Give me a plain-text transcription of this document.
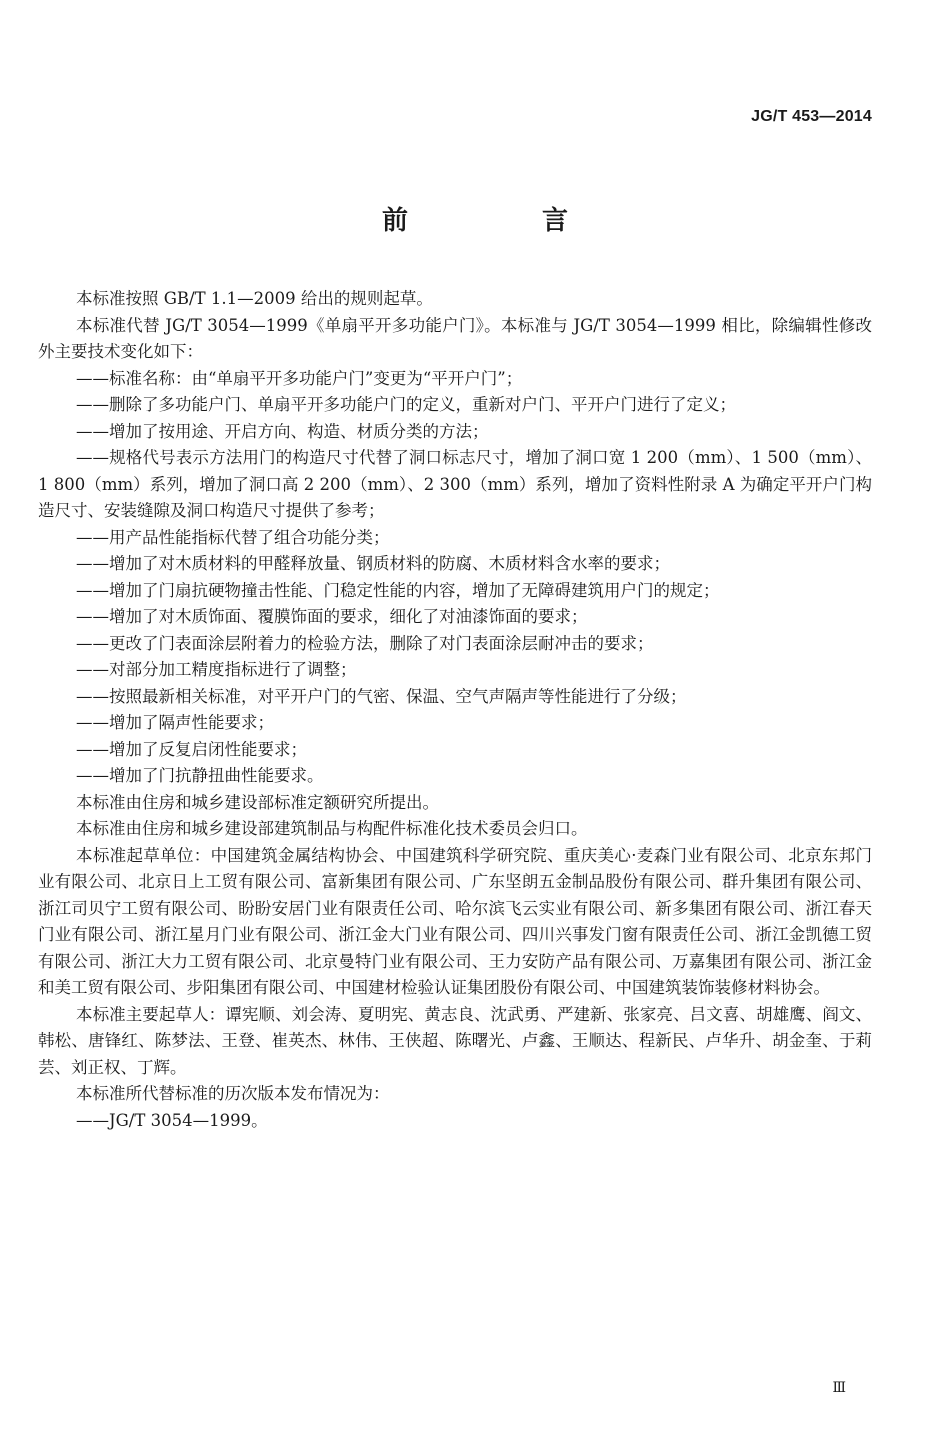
JG/T 453—2014
前　言

本标准按照 GB/T 1.1—2009 给出的规则起草。

本标准代替 JG/T 3054—1999《单扇平开多功能户门》。本标准与 JG/T 3054—1999 相比，除编辑性修改外主要技术变化如下：

——标准名称：由“单扇平开多功能户门”变更为“平开户门”；

——删除了多功能户门、单扇平开多功能户门的定义，重新对户门、平开户门进行了定义；

——增加了按用途、开启方向、构造、材质分类的方法；

——规格代号表示方法用门的构造尺寸代替了洞口标志尺寸，增加了洞口宽 1 200（mm）、1 500（mm）、1 800（mm）系列，增加了洞口高 2 200（mm）、2 300（mm）系列，增加了资料性附录 A 为确定平开户门构造尺寸、安装缝隙及洞口构造尺寸提供了参考；

——用产品性能指标代替了组合功能分类；

——增加了对木质材料的甲醛释放量、钢质材料的防腐、木质材料含水率的要求；

——增加了门扇抗硬物撞击性能、门稳定性能的内容，增加了无障碍建筑用户门的规定；

——增加了对木质饰面、覆膜饰面的要求，细化了对油漆饰面的要求；

——更改了门表面涂层附着力的检验方法，删除了对门表面涂层耐冲击的要求；

——对部分加工精度指标进行了调整；

——按照最新相关标准，对平开户门的气密、保温、空气声隔声等性能进行了分级；

——增加了隔声性能要求；

——增加了反复启闭性能要求；

——增加了门抗静扭曲性能要求。

本标准由住房和城乡建设部标准定额研究所提出。

本标准由住房和城乡建设部建筑制品与构配件标准化技术委员会归口。

本标准起草单位：中国建筑金属结构协会、中国建筑科学研究院、重庆美心·麦森门业有限公司、北京东邦门业有限公司、北京日上工贸有限公司、富新集团有限公司、广东坚朗五金制品股份有限公司、群升集团有限公司、浙江司贝宁工贸有限公司、盼盼安居门业有限责任公司、哈尔滨飞云实业有限公司、新多集团有限公司、浙江春天门业有限公司、浙江星月门业有限公司、浙江金大门业有限公司、四川兴事发门窗有限责任公司、浙江金凯德工贸有限公司、浙江大力工贸有限公司、北京曼特门业有限公司、王力安防产品有限公司、万嘉集团有限公司、浙江金和美工贸有限公司、步阳集团有限公司、中国建材检验认证集团股份有限公司、中国建筑装饰装修材料协会。

本标准主要起草人：谭宪顺、刘会涛、夏明宪、黄志良、沈武勇、严建新、张家亮、吕文喜、胡雄鹰、阎文、韩松、唐锋红、陈梦法、王登、崔英杰、林伟、王侠超、陈曙光、卢鑫、王顺达、程新民、卢华升、胡金奎、于莉芸、刘正权、丁辉。

本标准所代替标准的历次版本发布情况为：

——JG/T 3054—1999。

Ⅲ
